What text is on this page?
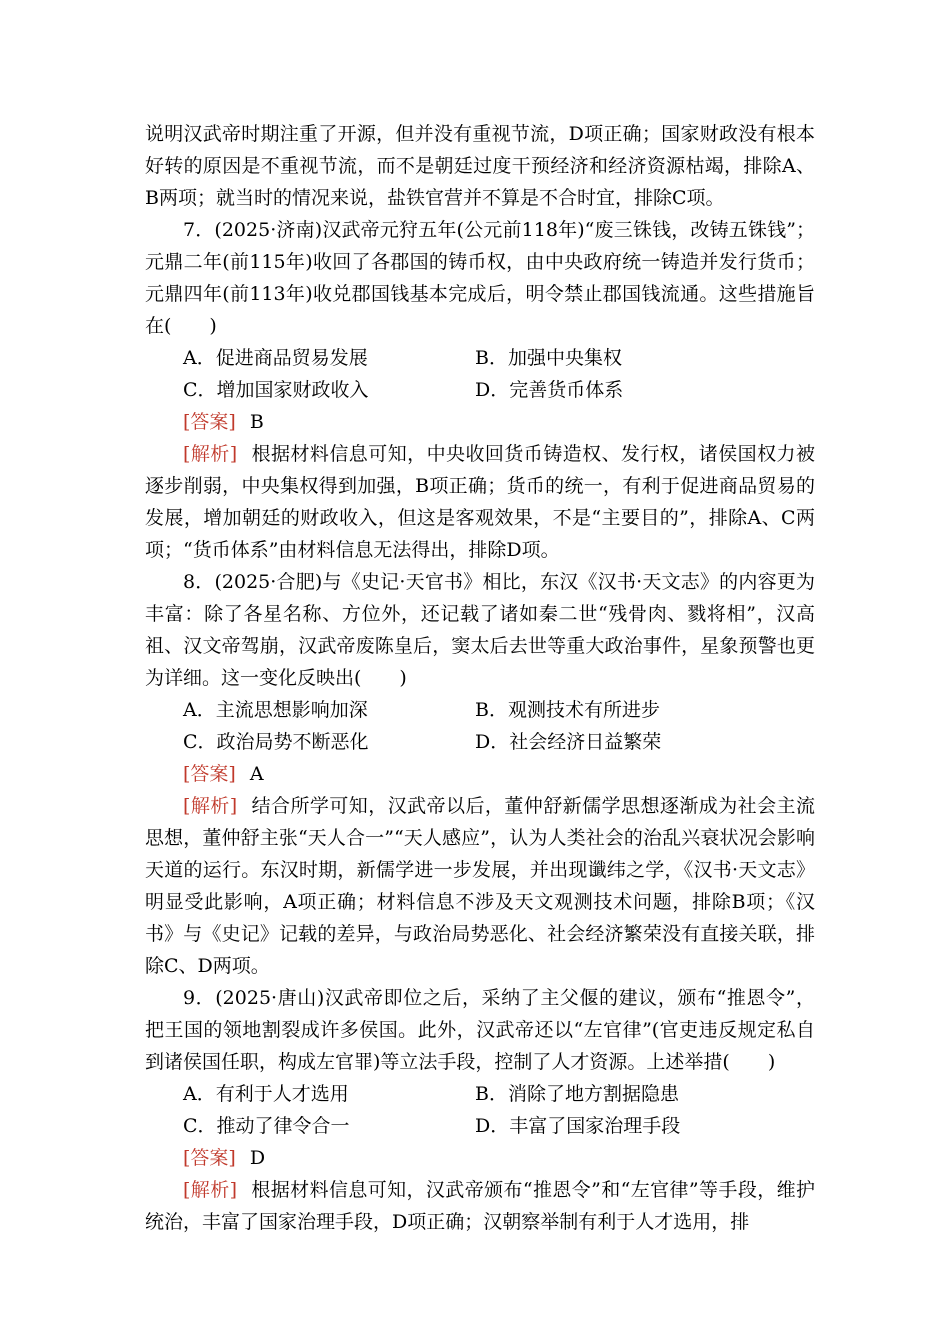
说明汉武帝时期注重了开源，但并没有重视节流，D项正确；国家财政没有根本好转的原因是不重视节流，而不是朝廷过度干预经济和经济资源枯竭，排除A、B两项；就当时的情况来说，盐铁官营并不算是不合时宜，排除C项。

7．(2025·济南)汉武帝元狩五年(公元前118年)“废三铢钱，改铸五铢钱”；元鼎二年(前115年)收回了各郡国的铸币权，由中央政府统一铸造并发行货币；元鼎四年(前113年)收兑郡国钱基本完成后，明令禁止郡国钱流通。这些措施旨在(　　)

A．促进商品贸易发展	B．加强中央集权
C．增加国家财政收入	D．完善货币体系

[答案] B

[解析] 根据材料信息可知，中央收回货币铸造权、发行权，诸侯国权力被逐步削弱，中央集权得到加强，B项正确；货币的统一，有利于促进商品贸易的发展，增加朝廷的财政收入，但这是客观效果，不是“主要目的”，排除A、C两项；“货币体系”由材料信息无法得出，排除D项。

8．(2025·合肥)与《史记·天官书》相比，东汉《汉书·天文志》的内容更为丰富：除了各星名称、方位外，还记载了诸如秦二世“残骨肉、戮将相”，汉高祖、汉文帝驾崩，汉武帝废陈皇后，窦太后去世等重大政治事件，星象预警也更为详细。这一变化反映出(　　)

A．主流思想影响加深	B．观测技术有所进步
C．政治局势不断恶化	D．社会经济日益繁荣

[答案] A

[解析] 结合所学可知，汉武帝以后，董仲舒新儒学思想逐渐成为社会主流思想，董仲舒主张“天人合一”“天人感应”，认为人类社会的治乱兴衰状况会影响天道的运行。东汉时期，新儒学进一步发展，并出现谶纬之学，《汉书·天文志》明显受此影响，A项正确；材料信息不涉及天文观测技术问题，排除B项；《汉书》与《史记》记载的差异，与政治局势恶化、社会经济繁荣没有直接关联，排除C、D两项。

9．(2025·唐山)汉武帝即位之后，采纳了主父偃的建议，颁布“推恩令”，把王国的领地割裂成许多侯国。此外，汉武帝还以“左官律”(官吏违反规定私自到诸侯国任职，构成左官罪)等立法手段，控制了人才资源。上述举措(　　)

A．有利于人才选用	B．消除了地方割据隐患
C．推动了律令合一	D．丰富了国家治理手段

[答案] D

[解析] 根据材料信息可知，汉武帝颁布“推恩令”和“左官律”等手段，维护统治，丰富了国家治理手段，D项正确；汉朝察举制有利于人才选用，排
